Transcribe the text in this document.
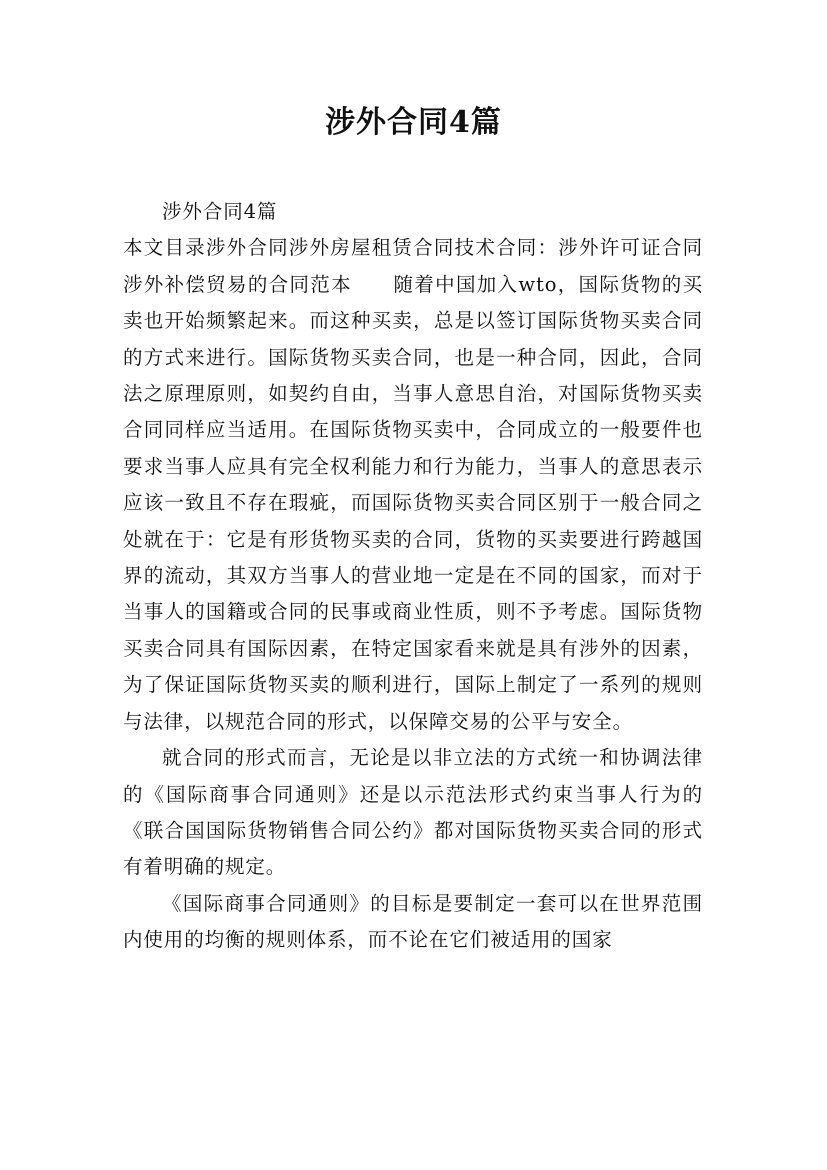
涉外合同4篇

涉外合同4篇

本文目录涉外合同涉外房屋租赁合同技术合同：涉外许可证合同涉外补偿贸易的合同范本　　随着中国加入wto，国际货物的买卖也开始频繁起来。而这种买卖，总是以签订国际货物买卖合同的方式来进行。国际货物买卖合同，也是一种合同，因此，合同法之原理原则，如契约自由，当事人意思自治，对国际货物买卖合同同样应当适用。在国际货物买卖中，合同成立的一般要件也要求当事人应具有完全权利能力和行为能力，当事人的意思表示应该一致且不存在瑕疵，而国际货物买卖合同区别于一般合同之处就在于：它是有形货物买卖的合同，货物的买卖要进行跨越国界的流动，其双方当事人的营业地一定是在不同的国家，而对于当事人的国籍或合同的民事或商业性质，则不予考虑。国际货物买卖合同具有国际因素，在特定国家看来就是具有涉外的因素，为了保证国际货物买卖的顺利进行，国际上制定了一系列的规则与法律，以规范合同的形式，以保障交易的公平与安全。

就合同的形式而言，无论是以非立法的方式统一和协调法律的《国际商事合同通则》还是以示范法形式约束当事人行为的《联合国国际货物销售合同公约》都对国际货物买卖合同的形式有着明确的规定。

《国际商事合同通则》的目标是要制定一套可以在世界范围内使用的均衡的规则体系，而不论在它们被适用的国家
